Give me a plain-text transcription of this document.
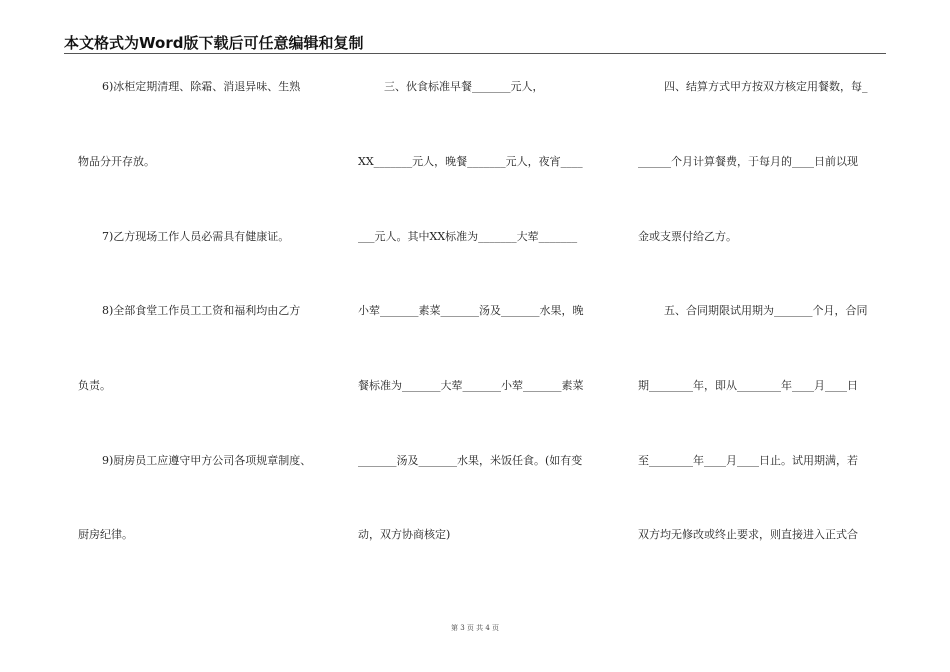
本文格式为Word版下载后可任意编辑和复制
6)冰柜定期清理、除霜、消退异味、生熟
物品分开存放。
7)乙方现场工作人员必需具有健康证。
8)全部食堂工作员工工资和福利均由乙方
负责。
9)厨房员工应遵守甲方公司各项规章制度、
厨房纪律。
三、伙食标准早餐_______元人，
XX_______元人，晚餐_______元人，夜宵____
___元人。其中XX标准为_______大荤_______
小荤_______素菜_______汤及_______水果，晚
餐标准为_______大荤_______小荤_______素菜
_______汤及_______水果，米饭任食。(如有变
动，双方协商核定)
四、结算方式甲方按双方核定用餐数，每_
______个月计算餐费，于每月的____日前以现
金或支票付给乙方。
五、合同期限试用期为_______个月，合同
期________年，即从________年____月____日
至________年____月____日止。试用期满，若
双方均无修改或终止要求，则直接进入正式合
第 3 页 共 4 页
